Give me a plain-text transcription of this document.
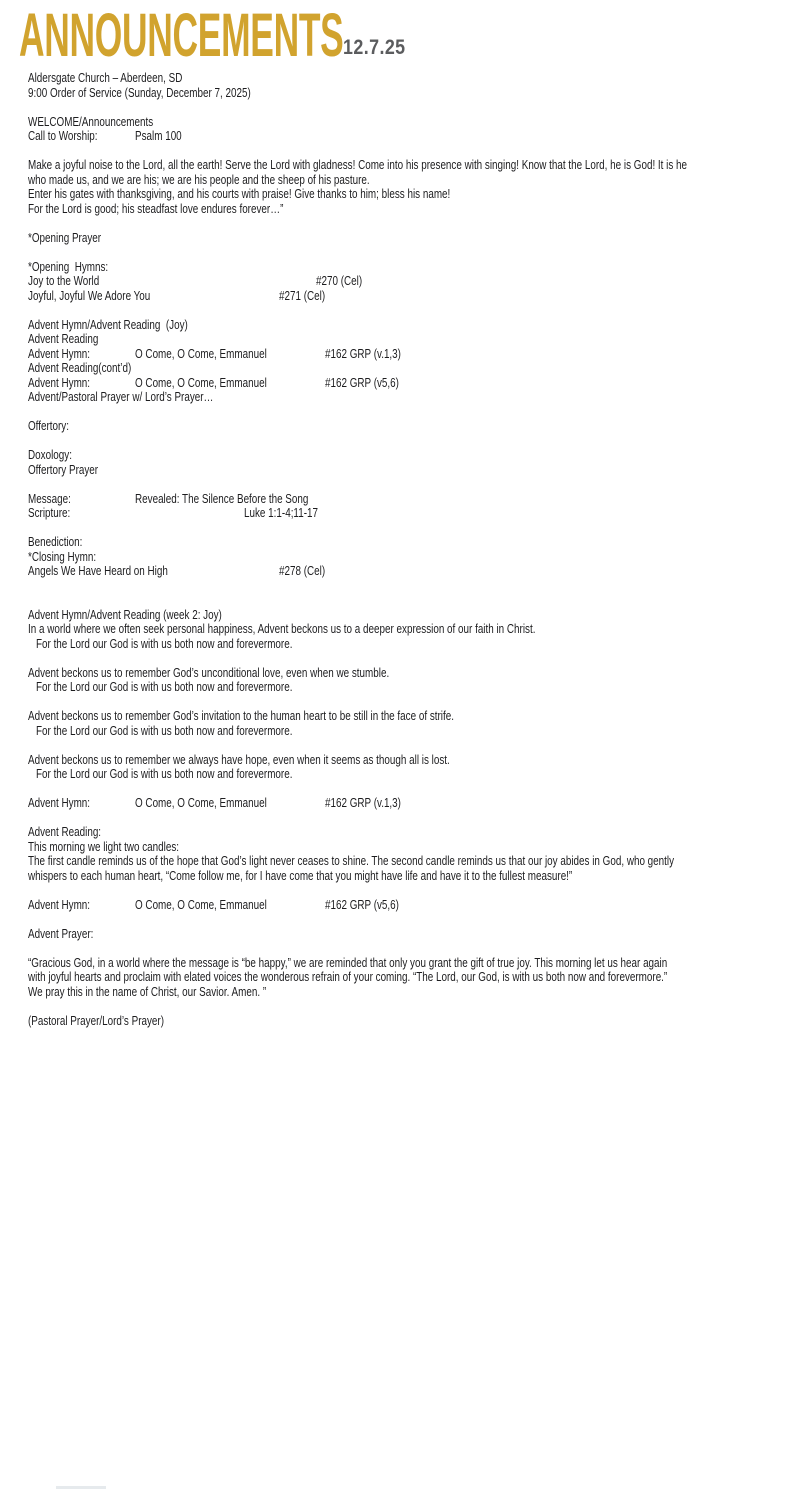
ANNOUNCEMENTS 12.7.25
Aldersgate Church – Aberdeen, SD
9:00 Order of Service (Sunday, December 7, 2025)
WELCOME/Announcements
Call to Worship:	Psalm 100
Make a joyful noise to the Lord, all the earth! Serve the Lord with gladness! Come into his presence with singing! Know that the Lord, he is God! It is he
who made us, and we are his; we are his people and the sheep of his pasture.
Enter his gates with thanksgiving, and his courts with praise! Give thanks to him; bless his name!
For the Lord is good; his steadfast love endures forever…”
*Opening Prayer
*Opening  Hymns:
Joy to the World	#270 (Cel)
Joyful, Joyful We Adore You	#271 (Cel)
Advent Hymn/Advent Reading  (Joy)
Advent Reading
Advent Hymn:	O Come, O Come, Emmanuel	#162 GRP (v.1,3)
Advent Reading(cont’d)
Advent Hymn:	O Come, O Come, Emmanuel	#162 GRP (v5,6)
Advent/Pastoral Prayer w/ Lord’s Prayer…
Offertory:
Doxology:
Offertory Prayer
Message:	Revealed: The Silence Before the Song
Scripture:	Luke 1:1-4;11-17
Benediction:
*Closing Hymn:
Angels We Have Heard on High	#278 (Cel)
Advent Hymn/Advent Reading (week 2: Joy)
In a world where we often seek personal happiness, Advent beckons us to a deeper expression of our faith in Christ.
For the Lord our God is with us both now and forevermore.
Advent beckons us to remember God’s unconditional love, even when we stumble.
For the Lord our God is with us both now and forevermore.
Advent beckons us to remember God’s invitation to the human heart to be still in the face of strife.
For the Lord our God is with us both now and forevermore.
Advent beckons us to remember we always have hope, even when it seems as though all is lost.
For the Lord our God is with us both now and forevermore.
Advent Hymn:	O Come, O Come, Emmanuel	#162 GRP (v.1,3)
Advent Reading:
This morning we light two candles:
The first candle reminds us of the hope that God’s light never ceases to shine. The second candle reminds us that our joy abides in God, who gently
whispers to each human heart, “Come follow me, for I have come that you might have life and have it to the fullest measure!”
Advent Hymn:	O Come, O Come, Emmanuel	#162 GRP (v5,6)
Advent Prayer:
“Gracious God, in a world where the message is “be happy,” we are reminded that only you grant the gift of true joy. This morning let us hear again
with joyful hearts and proclaim with elated voices the wonderous refrain of your coming. “The Lord, our God, is with us both now and forevermore.”
We pray this in the name of Christ, our Savior. Amen. ”
(Pastoral Prayer/Lord’s Prayer)
